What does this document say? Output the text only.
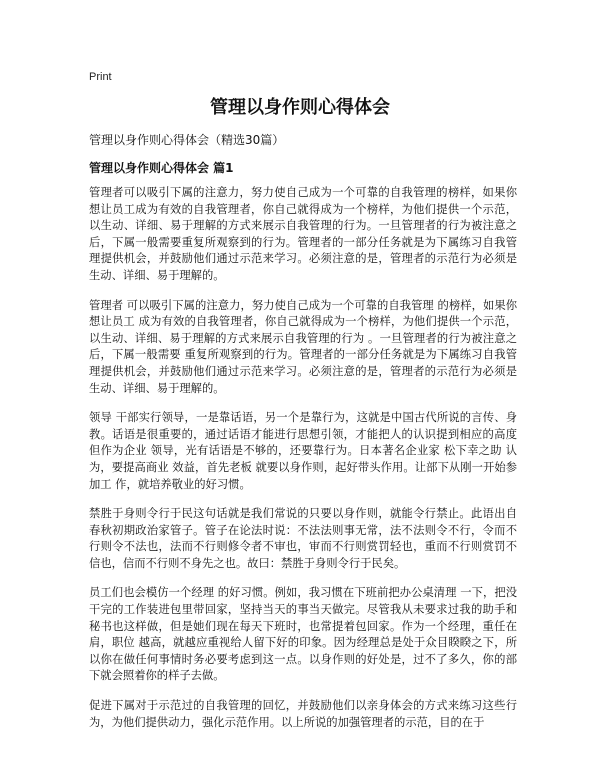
Print
管理以身作则心得体会
管理以身作则心得体会（精选30篇）
管理以身作则心得体会 篇1

管理者可以吸引下属的注意力，努力使自己成为一个可靠的自我管理的榜样，如果你想让员工成为有效的自我管理者，你自己就得成为一个榜样，为他们提供一个示范，以生动、详细、易于理解的方式来展示自我管理的行为。一旦管理者的行为被注意之后，下属一般需要重复所观察到的行为。管理者的一部分任务就是为下属练习自我管理提供机会，并鼓励他们通过示范来学习。必须注意的是，管理者的示范行为必须是生动、详细、易于理解的。

管理者 可以吸引下属的注意力，努力使自己成为一个可靠的自我管理 的榜样，如果你想让员工 成为有效的自我管理者，你自己就得成为一个榜样，为他们提供一个示范，以生动、详细、易于理解的方式来展示自我管理的行为 。一旦管理者的行为被注意之后，下属一般需要 重复所观察到的行为。管理者的一部分任务就是为下属练习自我管理提供机会，并鼓励他们通过示范来学习。必须注意的是，管理者的示范行为必须是生动、详细、易于理解的。

领导 干部实行领导，一是靠话语，另一个是靠行为，这就是中国古代所说的言传、身教。话语是很重要的，通过话语才能进行思想引领，才能把人的认识提到相应的高度但作为企业 领导，光有话语是不够的，还要靠行为。日本著名企业家 松下幸之助 认为，要提高商业 效益，首先老板 就要以身作则，起好带头作用。让部下从刚一开始参加工 作，就培养敬业的好习惯。

禁胜于身则令行于民这句话就是我们常说的只要以身作则，就能令行禁止。此语出自春秋初期政治家管子。管子在论法时说：不法法则事无常，法不法则令不行，令而不行则令不法也，法而不行则修令者不审也，审而不行则赏罚轻也，重而不行则赏罚不信也，信而不行则不身先之也。故曰：禁胜于身则令行于民矣。

员工们也会模仿一个经理 的好习惯。例如，我习惯在下班前把办公桌清理 一下，把没干完的工作装进包里带回家，坚持当天的事当天做完。尽管我从未要求过我的助手和秘书也这样做，但是她们现在每天下班时，也常提着包回家。作为一个经理，重任在肩，职位 越高，就越应重视给人留下好的印象。因为经理总是处于众目睽睽之下，所以你在做任何事情时务必要考虑到这一点。以身作则的好处是，过不了多久，你的部下就会照着你的样子去做。

促进下属对于示范过的自我管理的回忆，并鼓励他们以亲身体会的方式来练习这些行为，为他们提供动力，强化示范作用。以上所说的加强管理者的示范，目的在于
